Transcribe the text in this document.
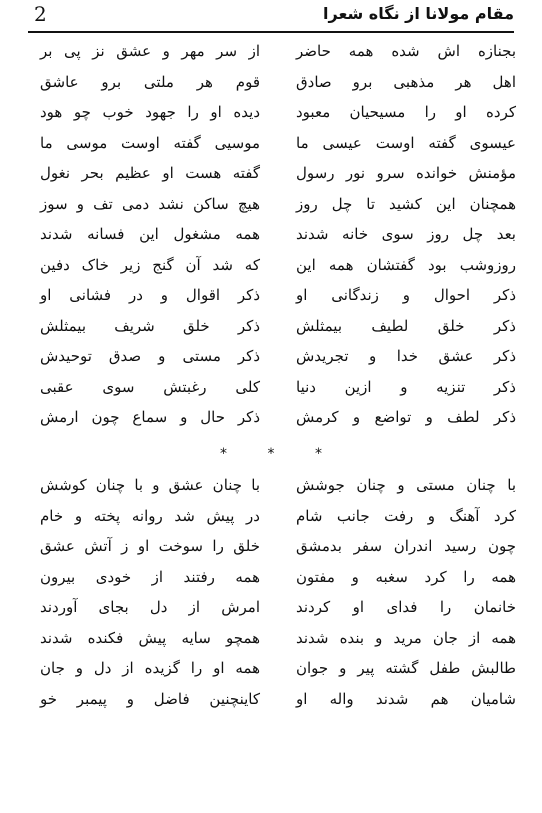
2	مقام مولانا از نگاه شعرا
بجنازه اش شده همه حاضر
از سر مهر و عشق نز پی بر
اهل هر مذهبی برو صادق
قوم هر ملتی برو عاشق
کرده او را مسیحیان معبود
دیده او را جهود خوب چو هود
عیسوی گفته اوست عیسی ما
موسیی گفته اوست موسی ما
مؤمنش خوانده سرو نور رسول
گفته هست او عظیم بحر نغول
همچنان این کشید تا چل روز
هیچ ساکن نشد دمی تف و سوز
بعد چل روز سوی خانه شدند
همه مشغول این فسانه شدند
روزوشب بود گفتشان همه این
که شد آن گنج زیر خاک دفین
ذکر احوال و زندگانی او
ذکر اقوال و در فشانی او
ذکر خلق لطیف بیمثلش
ذکر خلق شریف بیمثلش
ذکر عشق خدا و تجریدش
ذکر مستی و صدق توحیدش
ذکر تنزیه و ازین دنیا
کلی رغبتش سوی عقبی
ذکر لطف و تواضع و کرمش
ذکر حال و سماع چون ارمش
* * *
با چنان مستی و چنان جوشش
با چنان عشق و با چنان کوشش
کرد آهنگ و رفت جانب شام
در پیش شد روانه پخته و خام
چون رسید اندران سفر بدمشق
خلق را سوخت او ز آتش عشق
همه را کرد سغبه و مفتون
همه رفتند از خودی بیرون
خانمان را فدای او کردند
امرش از دل بجای آوردند
همه از جان مرید و بنده شدند
همچو سایه پیش فکنده شدند
طالبش طفل گشته پیر و جوان
همه او را گزیده از دل و جان
شامیان هم شدند واله او
کاینچنین فاضل و پیمبر خو
